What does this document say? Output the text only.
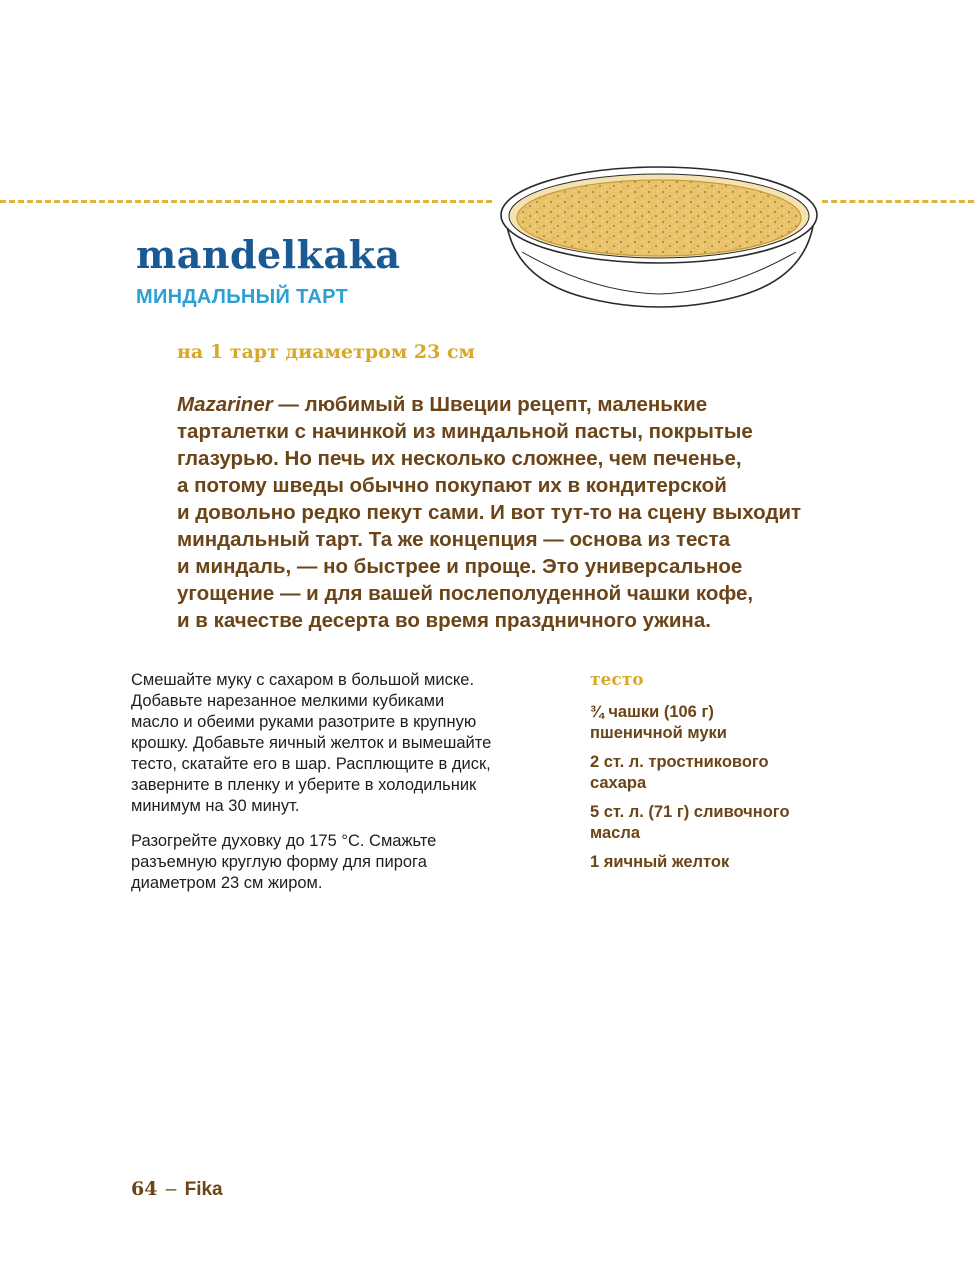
mandelkaka
МИНДАЛЬНЫЙ ТАРТ
на 1 тарт диаметром 23 см

Mazariner — любимый в Швеции рецепт, маленькие
тарталетки с начинкой из миндальной пасты, покрытые
глазурью. Но печь их несколько сложнее, чем печенье,
а потому шведы обычно покупают их в кондитерской
и довольно редко пекут сами. И вот тут-то на сцену выходит
миндальный тарт. Та же концепция — основа из теста
и миндаль, — но быстрее и проще. Это универсальное
угощение — и для вашей послеполуденной чашки кофе,
и в качестве десерта во время праздничного ужина.

Смешайте муку с сахаром в большой миске.
Добавьте нарезанное мелкими кубиками
масло и обеими руками разотрите в крупную
крошку. Добавьте яичный желток и вымешайте
тесто, скатайте его в шар. Расплющите в диск,
заверните в пленку и уберите в холодильник
минимум на 30 минут.

Разогрейте духовку до 175 °С. Смажьте
разъемную круглую форму для пирога
диаметром 23 см жиром.

тесто
¾ чашки (106 г)
пшеничной муки
2 ст. л. тростникового
сахара
5 ст. л. (71 г) сливочного
масла
1 яичный желток
64 – Fika
